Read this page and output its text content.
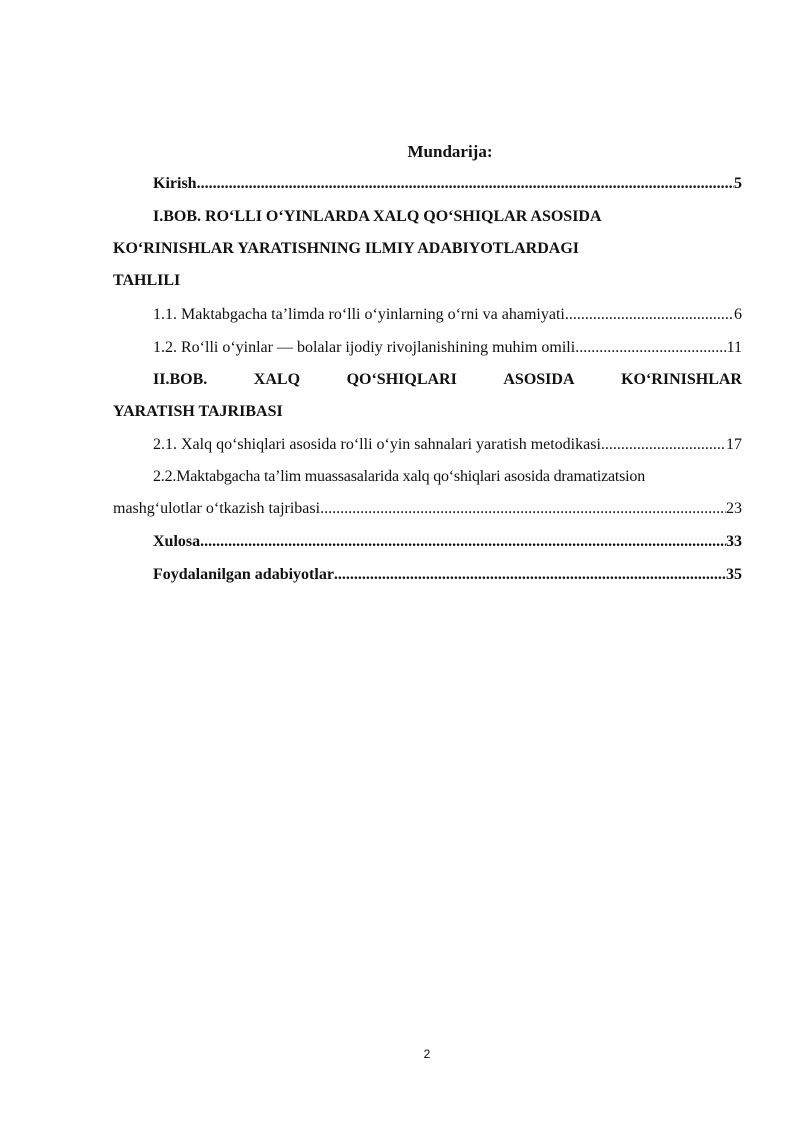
Mundarija:
Kirish .....	5
I.BOB. RO‘LLI O‘YINLARDA XALQ QO‘SHIQLAR ASOSIDA
KO‘RINISHLAR YARATISHNING ILMIY ADABIYOTLARDAGI
TAHLILI
1.1. Maktabgacha ta’limda ro‘lli o‘yinlarning o‘rni va ahamiyati .....	6
1.2. Ro‘lli o‘yinlar — bolalar ijodiy rivojlanishining muhim omili .....	11
II.BOB.	XALQ	QO‘SHIQLARI	ASOSIDA	KO‘RINISHLAR
YARATISH TAJRIBASI
2.1. Xalq qo‘shiqlari asosida ro‘lli o‘yin sahnalari yaratish metodikasi .....	17
2.2.Maktabgacha ta’lim muassasalarida xalq qo‘shiqlari asosida dramatizatsion
mashg‘ulotlar o‘tkazish tajribasi .....	23
Xulosa .....	33
Foydalanilgan adabiyotlar .....	35
2
